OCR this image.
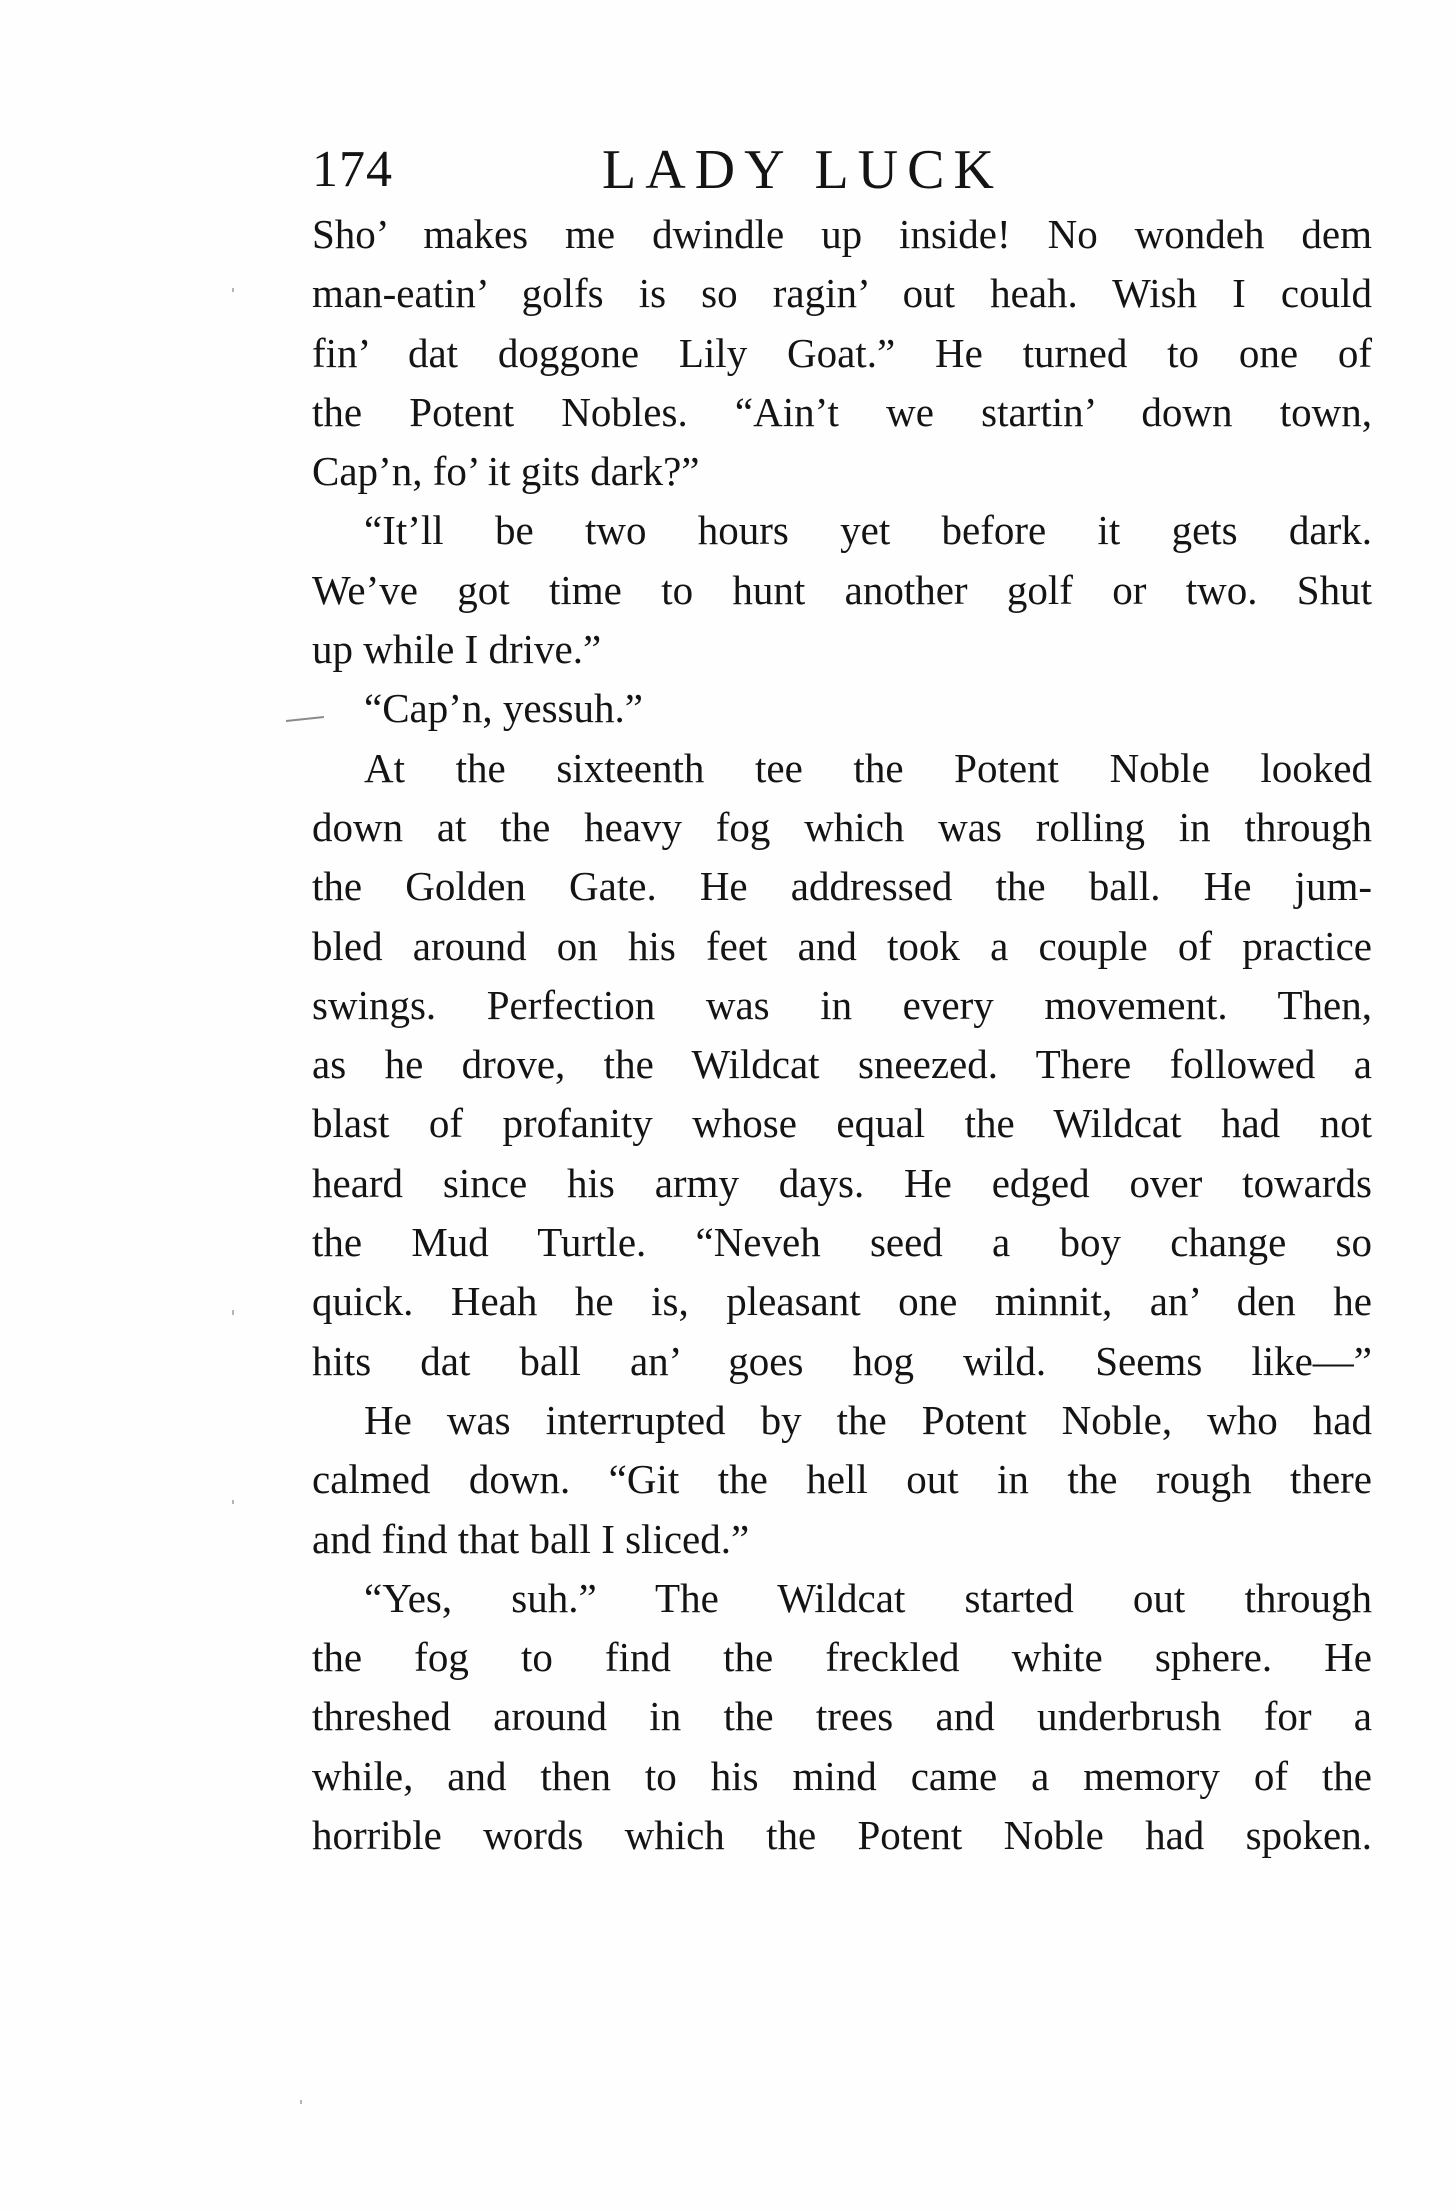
174	LADY LUCK
Sho’ makes me dwindle up inside! No wondeh dem
man-eatin’ golfs is so ragin’ out heah. Wish I could
fin’ dat doggone Lily Goat.” He turned to one of
the Potent Nobles. “Ain’t we startin’ down town,
Cap’n, fo’ it gits dark?”
“It’ll be two hours yet before it gets dark.
We’ve got time to hunt another golf or two. Shut
up while I drive.”
“Cap’n, yessuh.”
At the sixteenth tee the Potent Noble looked
down at the heavy fog which was rolling in through
the Golden Gate. He addressed the ball. He jum-
bled around on his feet and took a couple of practice
swings. Perfection was in every movement. Then,
as he drove, the Wildcat sneezed. There followed a
blast of profanity whose equal the Wildcat had not
heard since his army days. He edged over towards
the Mud Turtle. “Neveh seed a boy change so
quick. Heah he is, pleasant one minnit, an’ den he
hits dat ball an’ goes hog wild. Seems like—”
He was interrupted by the Potent Noble, who had
calmed down. “Git the hell out in the rough there
and find that ball I sliced.”
“Yes, suh.” The Wildcat started out through
the fog to find the freckled white sphere. He
threshed around in the trees and underbrush for a
while, and then to his mind came a memory of the
horrible words which the Potent Noble had spoken.
